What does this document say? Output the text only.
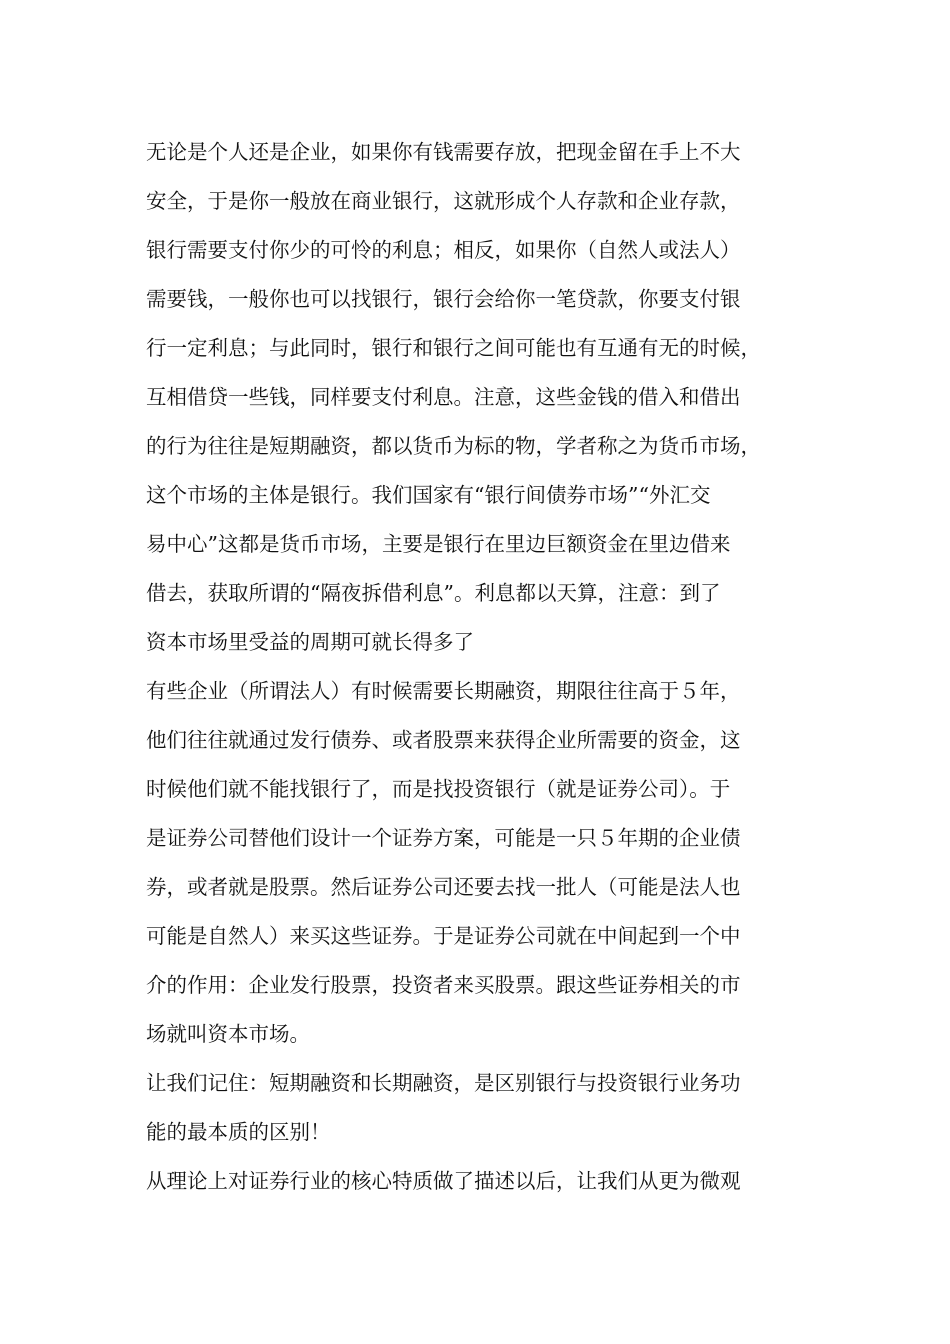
无论是个人还是企业，如果你有钱需要存放，把现金留在手上不大
安全，于是你一般放在商业银行，这就形成个人存款和企业存款，
银行需要支付你少的可怜的利息；相反，如果你（自然人或法人）
需要钱，一般你也可以找银行，银行会给你一笔贷款，你要支付银
行一定利息；与此同时，银行和银行之间可能也有互通有无的时候，
互相借贷一些钱，同样要支付利息。注意，这些金钱的借入和借出
的行为往往是短期融资，都以货币为标的物，学者称之为货币市场，
这个市场的主体是银行。我们国家有“银行间债券市场”“外汇交
易中心”这都是货币市场，主要是银行在里边巨额资金在里边借来
借去，获取所谓的“隔夜拆借利息”。利息都以天算，注意：到了
资本市场里受益的周期可就长得多了
有些企业（所谓法人）有时候需要长期融资，期限往往高于５年，
他们往往就通过发行债券、或者股票来获得企业所需要的资金，这
时候他们就不能找银行了，而是找投资银行（就是证券公司）。于
是证券公司替他们设计一个证券方案，可能是一只５年期的企业债
券，或者就是股票。然后证券公司还要去找一批人（可能是法人也
可能是自然人）来买这些证券。于是证券公司就在中间起到一个中
介的作用：企业发行股票，投资者来买股票。跟这些证券相关的市
场就叫资本市场。
让我们记住：短期融资和长期融资，是区别银行与投资银行业务功
能的最本质的区别！
从理论上对证券行业的核心特质做了描述以后，让我们从更为微观
